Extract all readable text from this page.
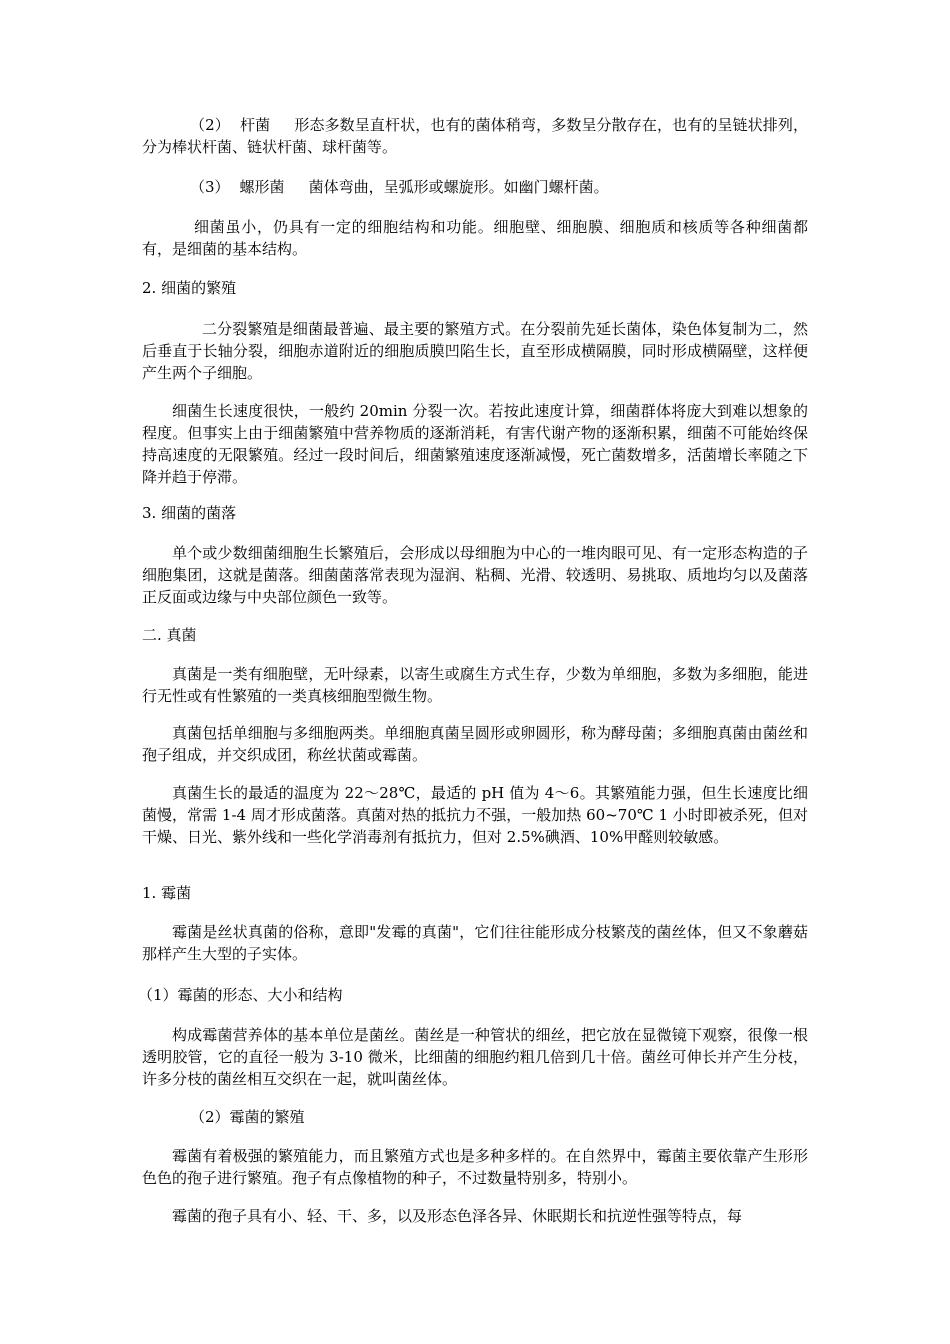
（2） 杆菌 形态多数呈直杆状，也有的菌体稍弯，多数呈分散存在，也有的呈链状排列，分为棒状杆菌、链状杆菌、球杆菌等。

（3） 螺形菌 菌体弯曲，呈弧形或螺旋形。如幽门螺杆菌。

细菌虽小，仍具有一定的细胞结构和功能。细胞壁、细胞膜、细胞质和核质等各种细菌都有，是细菌的基本结构。

2. 细菌的繁殖

二分裂繁殖是细菌最普遍、最主要的繁殖方式。在分裂前先延长菌体，染色体复制为二，然后垂直于长轴分裂，细胞赤道附近的细胞质膜凹陷生长，直至形成横隔膜，同时形成横隔壁，这样便产生两个子细胞。

细菌生长速度很快，一般约 20min 分裂一次。若按此速度计算，细菌群体将庞大到难以想象的程度。但事实上由于细菌繁殖中营养物质的逐渐消耗，有害代谢产物的逐渐积累，细菌不可能始终保持高速度的无限繁殖。经过一段时间后，细菌繁殖速度逐渐减慢，死亡菌数增多，活菌增长率随之下降并趋于停滞。

3. 细菌的菌落

单个或少数细菌细胞生长繁殖后，会形成以母细胞为中心的一堆肉眼可见、有一定形态构造的子细胞集团，这就是菌落。细菌菌落常表现为湿润、粘稠、光滑、较透明、易挑取、质地均匀以及菌落正反面或边缘与中央部位颜色一致等。

二. 真菌

真菌是一类有细胞壁，无叶绿素，以寄生或腐生方式生存，少数为单细胞，多数为多细胞，能进行无性或有性繁殖的一类真核细胞型微生物。

真菌包括单细胞与多细胞两类。单细胞真菌呈圆形或卵圆形，称为酵母菌；多细胞真菌由菌丝和孢子组成，并交织成团，称丝状菌或霉菌。

真菌生长的最适的温度为 22～28℃，最适的 pH 值为 4～6。其繁殖能力强，但生长速度比细菌慢，常需 1-4 周才形成菌落。真菌对热的抵抗力不强，一般加热 60~70℃ 1 小时即被杀死，但对干燥、日光、紫外线和一些化学消毒剂有抵抗力，但对 2.5%碘酒、10%甲醛则较敏感。

1. 霉菌

霉菌是丝状真菌的俗称，意即"发霉的真菌"，它们往往能形成分枝繁茂的菌丝体，但又不象蘑菇那样产生大型的子实体。

（1）霉菌的形态、大小和结构

构成霉菌营养体的基本单位是菌丝。菌丝是一种管状的细丝，把它放在显微镜下观察，很像一根透明胶管，它的直径一般为 3-10 微米，比细菌的细胞约粗几倍到几十倍。菌丝可伸长并产生分枝，许多分枝的菌丝相互交织在一起，就叫菌丝体。

（2）霉菌的繁殖

霉菌有着极强的繁殖能力，而且繁殖方式也是多种多样的。在自然界中，霉菌主要依靠产生形形色色的孢子进行繁殖。孢子有点像植物的种子，不过数量特别多，特别小。

霉菌的孢子具有小、轻、干、多，以及形态色泽各异、休眠期长和抗逆性强等特点，每
